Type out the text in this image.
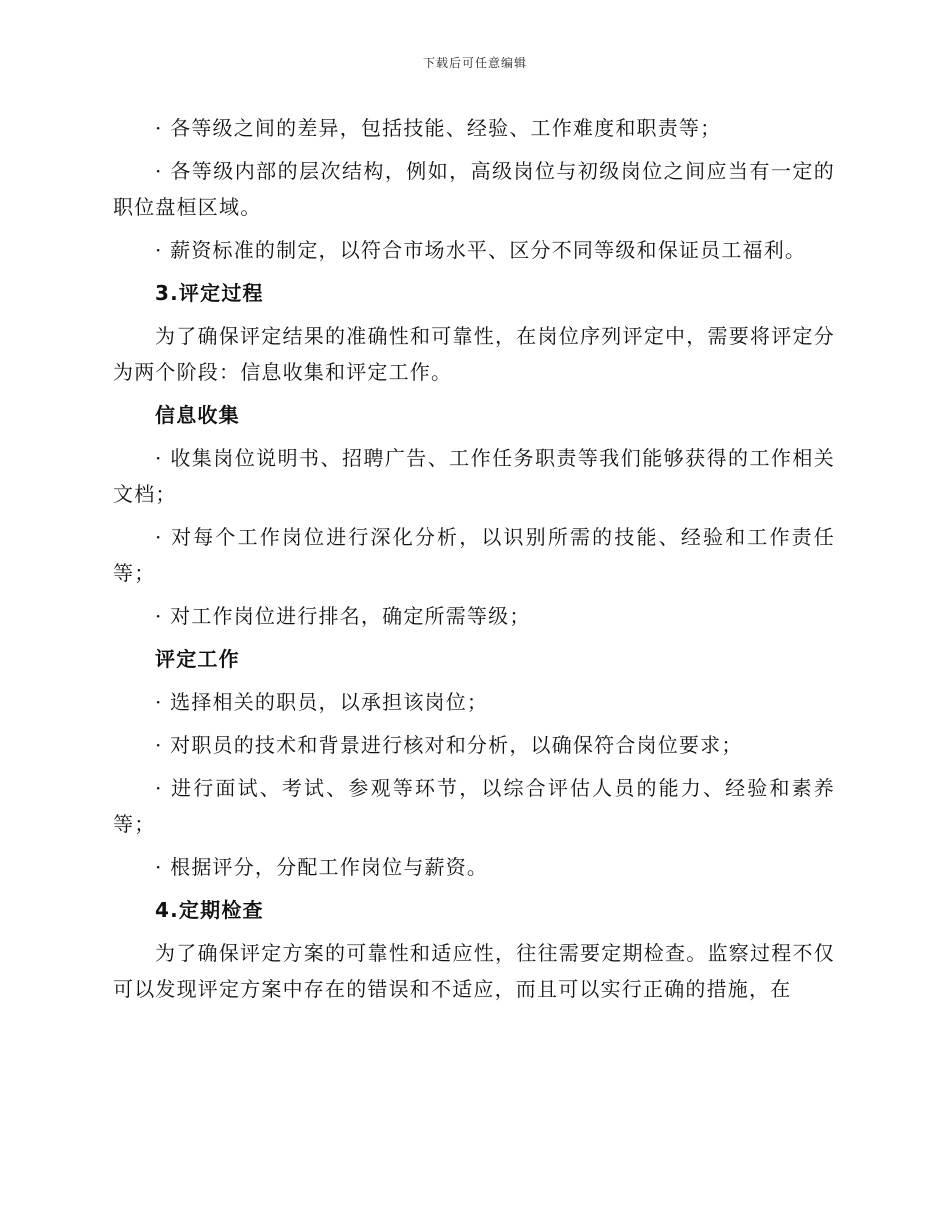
下载后可任意编辑

· 各等级之间的差异，包括技能、经验、工作难度和职责等；

· 各等级内部的层次结构，例如，高级岗位与初级岗位之间应当有一定的职位盘桓区域。

· 薪资标准的制定，以符合市场水平、区分不同等级和保证员工福利。

3.评定过程

为了确保评定结果的准确性和可靠性，在岗位序列评定中，需要将评定分为两个阶段：信息收集和评定工作。

信息收集

· 收集岗位说明书、招聘广告、工作任务职责等我们能够获得的工作相关文档；

· 对每个工作岗位进行深化分析，以识别所需的技能、经验和工作责任等；

· 对工作岗位进行排名，确定所需等级；

评定工作

· 选择相关的职员，以承担该岗位；

· 对职员的技术和背景进行核对和分析，以确保符合岗位要求；

· 进行面试、考试、参观等环节，以综合评估人员的能力、经验和素养等；

· 根据评分，分配工作岗位与薪资。

4.定期检查

为了确保评定方案的可靠性和适应性，往往需要定期检查。监察过程不仅可以发现评定方案中存在的错误和不适应，而且可以实行正确的措施，在
